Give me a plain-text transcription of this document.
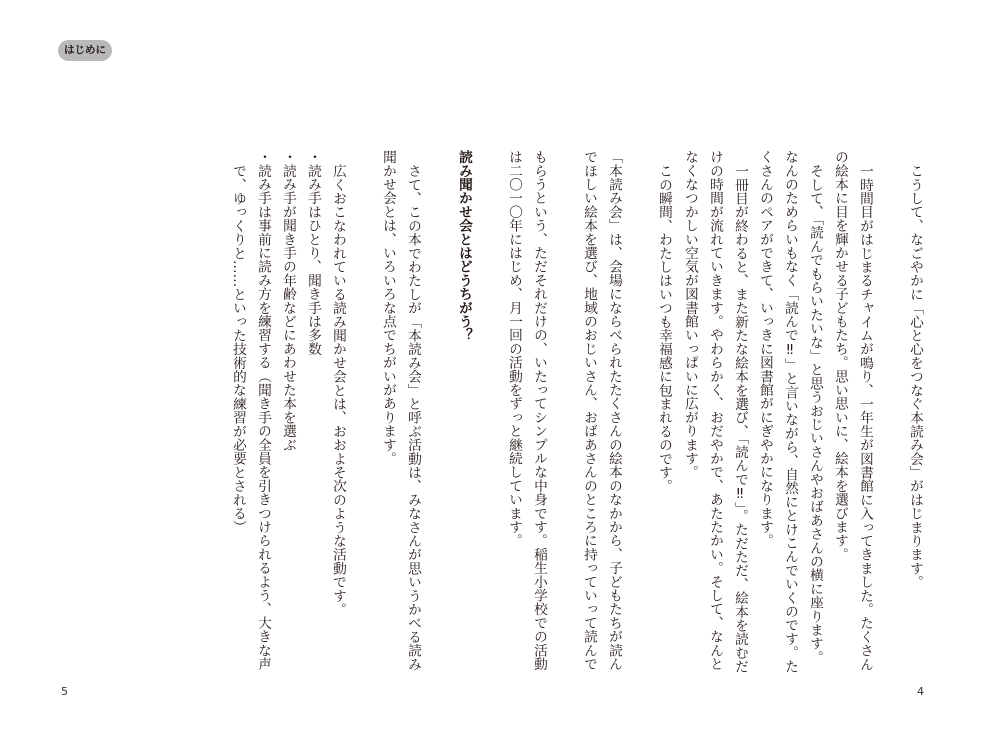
こうして、なごやかに「心と心をつなぐ本読み会」がはじまります。
一時間目がはじまるチャイムが鳴り、一年生が図書館に入ってきました。たくさん
の絵本に目を輝かせる子どもたち。思い思いに、絵本を選びます。
そして、「読んでもらいたいな」と思うおじいさんやおばあさんの横に座ります。
なんのためらいもなく「読んで‼」と言いながら、自然にとけこんでいくのです。た
くさんのペアができて、いっきに図書館がにぎやかになります。
一冊目が終わると、また新たな絵本を選び、「読んで‼」。ただただ、絵本を読むだ
けの時間が流れていきます。やわらかく、おだやかで、あたたかい。そして、なんと
なくなつかしい空気が図書館いっぱいに広がります。
この瞬間、わたしはいつも幸福感に包まれるのです。
「本読み会」は、会場にならべられたたくさんの絵本のなかから、子どもたちが読ん
でほしい絵本を選び、地域のおじいさん、おばあさんのところに持っていって読んで
4
はじめに
もらうという、ただそれだけの、いたってシンプルな中身です。稲生小学校での活動
は二〇一〇年にはじめ、月一回の活動をずっと継続しています。
読み聞かせ会とはどうちがう？
さて、この本でわたしが「本読み会」と呼ぶ活動は、みなさんが思いうかべる読み
聞かせ会とは、いろいろな点でちがいがあります。
広くおこなわれている読み聞かせ会とは、おおよそ次のような活動です。
・読み手はひとり、聞き手は多数
・読み手が聞き手の年齢などにあわせた本を選ぶ
・読み手は事前に読み方を練習する（聞き手の全員を引きつけられるよう、大きな声
で、ゆっくりと……といった技術的な練習が必要とされる）
5
